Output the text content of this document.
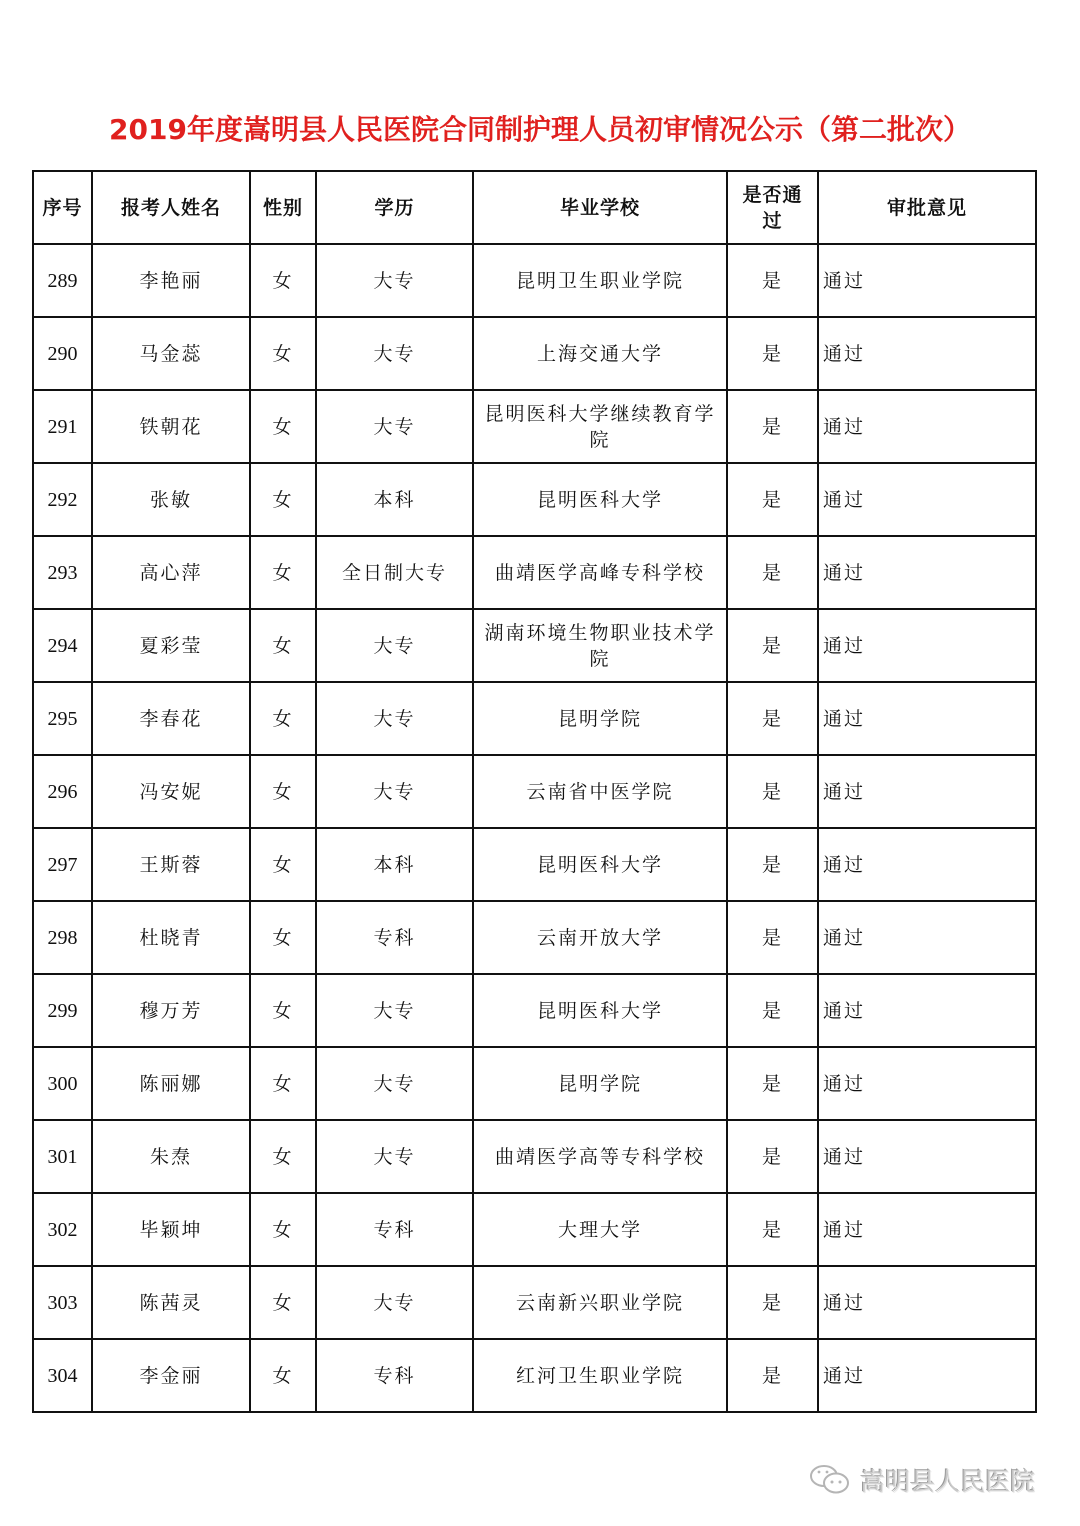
2019年度嵩明县人民医院合同制护理人员初审情况公示（第二批次）
序号	报考人姓名	性别	学历	毕业学校	是否通过	审批意见
289	李艳丽	女	大专	昆明卫生职业学院	是	通过
290	马金蕊	女	大专	上海交通大学	是	通过
291	铁朝花	女	大专	昆明医科大学继续教育学院	是	通过
292	张敏	女	本科	昆明医科大学	是	通过
293	高心萍	女	全日制大专	曲靖医学高峰专科学校	是	通过
294	夏彩莹	女	大专	湖南环境生物职业技术学院	是	通过
295	李春花	女	大专	昆明学院	是	通过
296	冯安妮	女	大专	云南省中医学院	是	通过
297	王斯蓉	女	本科	昆明医科大学	是	通过
298	杜晓青	女	专科	云南开放大学	是	通过
299	穆万芳	女	大专	昆明医科大学	是	通过
300	陈丽娜	女	大专	昆明学院	是	通过
301	朱焘	女	大专	曲靖医学高等专科学校	是	通过
302	毕颖坤	女	专科	大理大学	是	通过
303	陈茜灵	女	大专	云南新兴职业学院	是	通过
304	李金丽	女	专科	红河卫生职业学院	是	通过
嵩明县人民医院
